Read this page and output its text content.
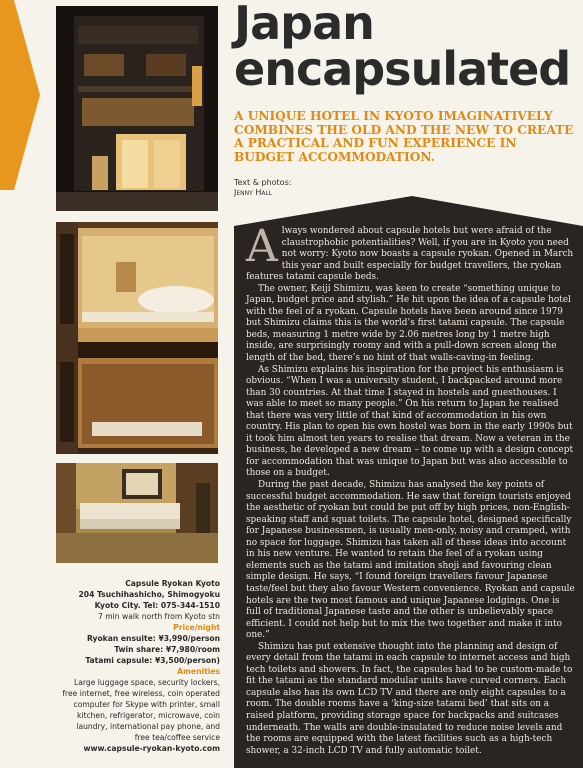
Japan
encapsulated

A UNIQUE HOTEL IN KYOTO IMAGINATIVELY COMBINES THE OLD AND THE NEW TO CREATE A PRACTICAL AND FUN EXPERIENCE IN BUDGET ACCOMMODATION.

Text & photos:
Jenny Hall

Always wondered about capsule hotels but were afraid of the claustrophobic potentialities? Well, if you are in Kyoto you need not worry: Kyoto now boasts a capsule ryokan. Opened in March this year and built especially for budget travellers, the ryokan features tatami capsule beds.

The owner, Keiji Shimizu, was keen to create “something unique to Japan, budget price and stylish.” He hit upon the idea of a capsule hotel with the feel of a ryokan. Capsule hotels have been around since 1979 but Shimizu claims this is the world’s first tatami capsule. The capsule beds, measuring 1 metre wide by 2.06 metres long by 1 metre high inside, are surprisingly roomy and with a pull-down screen along the length of the bed, there’s no hint of that walls-caving-in feeling.

As Shimizu explains his inspiration for the project his enthusiasm is obvious. “When I was a university student, I backpacked around more than 30 countries. At that time I stayed in hostels and guesthouses. I was able to meet so many people.” On his return to Japan he realised that there was very little of that kind of accommodation in his own country. His plan to open his own hostel was born in the early 1990s but it took him almost ten years to realise that dream. Now a veteran in the business, he developed a new dream – to come up with a design concept for accommodation that was unique to Japan but was also accessible to those on a budget.

During the past decade, Shimizu has analysed the key points of successful budget accommodation. He saw that foreign tourists enjoyed the aesthetic of ryokan but could be put off by high prices, non-English-speaking staff and squat toilets. The capsule hotel, designed specifically for Japanese businessmen, is usually men-only, noisy and cramped, with no space for luggage. Shimizu has taken all of these ideas into account in his new venture. He wanted to retain the feel of a ryokan using elements such as the tatami and imitation shoji and favouring clean simple design. He says, “I found foreign travellers favour Japanese taste/feel but they also favour Western convenience. Ryokan and capsule hotels are the two most famous and unique Japanese lodgings. One is full of traditional Japanese taste and the other is unbelievably space efficient. I could not help but to mix the two together and make it into one.”

Shimizu has put extensive thought into the planning and design of every detail from the tatami in each capsule to internet access and high tech toilets and showers. In fact, the capsules had to be custom-made to fit the tatami as the standard modular units have curved corners. Each capsule also has its own LCD TV and there are only eight capsules to a room. The double rooms have a ‘king-size tatami bed’ that sits on a raised platform, providing storage space for backpacks and suitcases underneath. The walls are double-insulated to reduce noise levels and the rooms are equipped with the latest facilities such as a high-tech shower, a 32-inch LCD TV and fully automatic toilet.

Capsule Ryokan Kyoto
204 Tsuchihashicho, Shimogyoku
Kyoto City. Tel: 075-344-1510
7 min walk north from Kyoto stn
Price/night
Ryokan ensuite: ¥3,990/person
Twin share: ¥7,980/room
Tatami capsule: ¥3,500/person)
Amenities
Large luggage space, security lockers, free internet, free wireless, coin operated computer for Skype with printer, small kitchen, refrigerator, microwave, coin laundry, international pay phone, and free tea/coffee service
www.capsule-ryokan-kyoto.com
